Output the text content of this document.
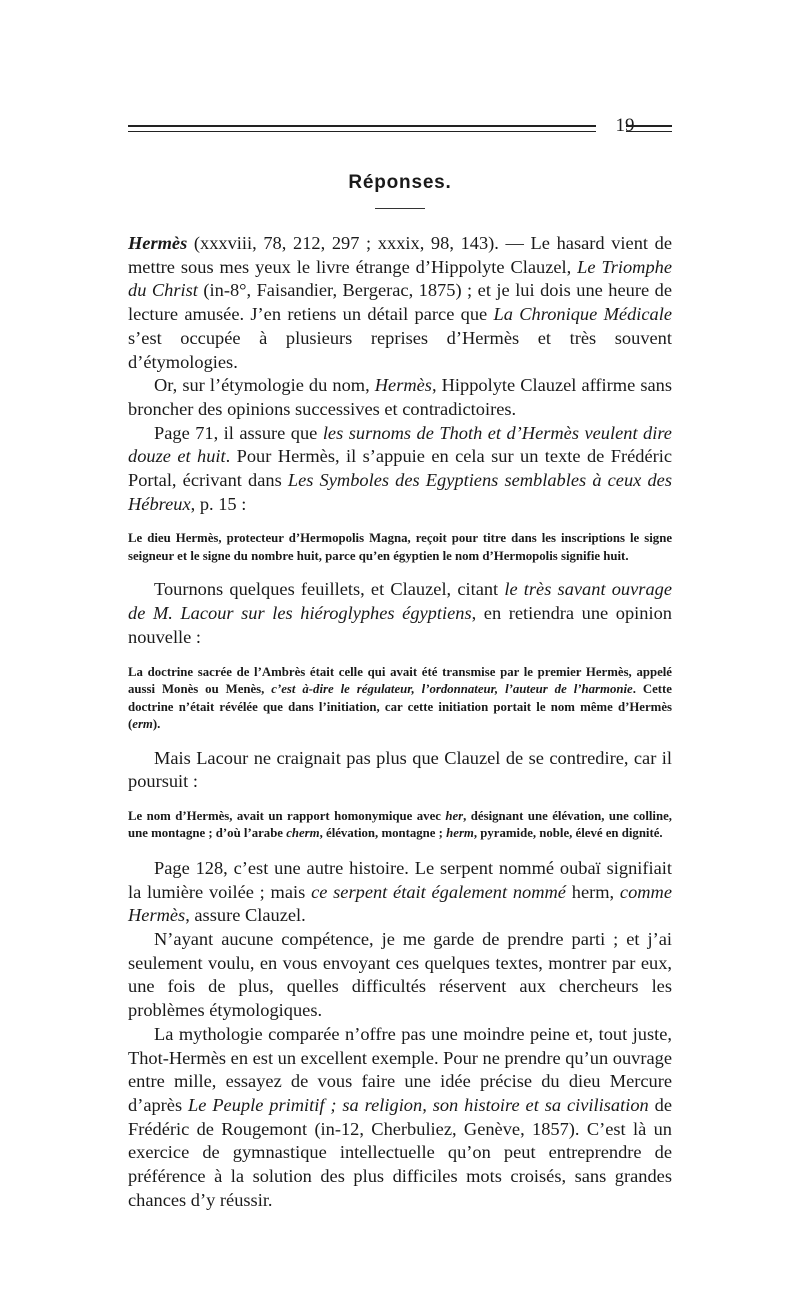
19
Réponses.

Hermès (xxxviii, 78, 212, 297 ; xxxix, 98, 143). — Le hasard vient de mettre sous mes yeux le livre étrange d’Hippolyte Clauzel, Le Triomphe du Christ (in-8°, Faisandier, Bergerac, 1875) ; et je lui dois une heure de lecture amusée. J’en retiens un détail parce que La Chronique Médicale s’est occupée à plusieurs reprises d’Hermès et très souvent d’étymologies.

Or, sur l’étymologie du nom, Hermès, Hippolyte Clauzel affirme sans broncher des opinions successives et contradictoires.

Page 71, il assure que les surnoms de Thoth et d’Hermès veulent dire douze et huit. Pour Hermès, il s’appuie en cela sur un texte de Frédéric Portal, écrivant dans Les Symboles des Egyptiens semblables à ceux des Hébreux, p. 15 :

Le dieu Hermès, protecteur d’Hermopolis Magna, reçoit pour titre dans les inscriptions le signe seigneur et le signe du nombre huit, parce qu’en égyptien le nom d’Hermopolis signifie huit.

Tournons quelques feuillets, et Clauzel, citant le très savant ouvrage de M. Lacour sur les hiéroglyphes égyptiens, en retiendra une opinion nouvelle :

La doctrine sacrée de l’Ambrès était celle qui avait été transmise par le premier Hermès, appelé aussi Monès ou Menès, c’est à-dire le régulateur, l’ordonnateur, l’auteur de l’harmonie. Cette doctrine n’était révélée que dans l’initiation, car cette initiation portait le nom même d’Hermès (erm).

Mais Lacour ne craignait pas plus que Clauzel de se contredire, car il poursuit :

Le nom d’Hermès, avait un rapport homonymique avec her, désignant une élévation, une colline, une montagne ; d’où l’arabe cherm, élévation, montagne ; herm, pyramide, noble, élevé en dignité.

Page 128, c’est une autre histoire. Le serpent nommé oubaï signifiait la lumière voilée ; mais ce serpent était également nommé herm, comme Hermès, assure Clauzel.

N’ayant aucune compétence, je me garde de prendre parti ; et j’ai seulement voulu, en vous envoyant ces quelques textes, montrer par eux, une fois de plus, quelles difficultés réservent aux chercheurs les problèmes étymologiques.

La mythologie comparée n’offre pas une moindre peine et, tout juste, Thot-Hermès en est un excellent exemple. Pour ne prendre qu’un ouvrage entre mille, essayez de vous faire une idée précise du dieu Mercure d’après Le Peuple primitif ; sa religion, son histoire et sa civilisation de Frédéric de Rougemont (in-12, Cherbuliez, Genève, 1857). C’est là un exercice de gymnastique intellectuelle qu’on peut entreprendre de préférence à la solution des plus difficiles mots croisés, sans grandes chances d’y réussir.
